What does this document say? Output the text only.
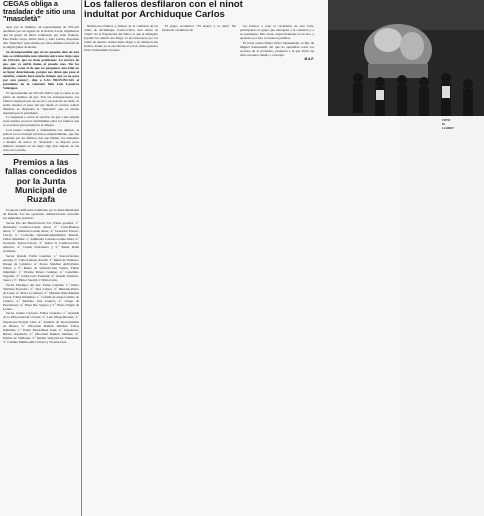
CEGAS obliga a trasladar de sitio una "mascletà"

Ayer por la mañana, un representante de CEGAS auxiliado por un agente de la Policía Local, impidieron que un grupo de fallas compuesto por Joan Xamete, Pere Prieto Goya, Pedro Sisto y Luis Lerma, disparase una "mascletà" patrocinada por ellos mismos ubicada en la amplia plaza de Roma.

Se incomprensible que en los pasados días de este mes se evidenciaba una relación entre una vieja cepa de CEGAS, que no tiene problemas. La tercera de gas, que ya sufrió daños el pasado mes. Sin los despistes, como el de que no pongamos una falla en su lugar determinado, porque nos dicen que pase el autobús, cuando hace mucho tiempo que ya no pasa por este punto", dijo a LAS PROVINCIAS el presidente de la comisión falla Luis Lamarca Velázquez.

El representante de CEGAS indicó que la causa es un punto de bombeo de gas. Tras las averiguaciones, los falleros supieron que de un sol y un poncete en duda, se podía detonar el paso del gas desde el control central mientras se disparaba la "mascletà" que ya estaba montada por el presidente.

La respuesta a cortar el servicio de gas a una amplia zona urbana, provocó muchísimas entre los falleros que se avocaron para presenciar el disparo.

Con buena voluntad y lamentables los ánimos, la policía local aconsejó un nuevo emplazamiento, que fue aceptado por los falleros. Así que mismo, los asistentes a montar de nuevo la "mascletà", se disparó poco minutos después en un lugar algo más alejado de las ocho de la noche.

Premios a las fallas concedidos por la Junta Municipal de Ruzafa

El jurado calificador nombrado por la Junta Municipal de Ruzafa, tras las oportunas deliberaciones concedió los siguientes premios:

Sector Pío del Barrial-Gran Vía. Fallas grandes: 1.º Almirante Cadarso-Conde Altea; 2.º Cuba-Buenos Aires; 3.º Salmerón-Conde Altea; 4.º Grabador Esteve-Ciscar; 5.º Convento Jerusalén-Matemático Marzal. Fallas infantiles: 1.º Almirante Cadarso-Conde Altea; 2.º Grabador Esteve-Ciscar; 3.º Isabel la Católica-Cirilo Amorós; 4.º Conde Salvatierra y 5.º Reina Doña Germana.

Sector Ruzafa: Fallas Grandes: 1.º Sueca-Literato Azorín; 2.º Cuba-Literato Azorín; 3.º Reina de Valencia-Duque de Calabria; 4.º Ponce Sánchez Abril-Pedro Valero y 5.º Reina de Valencia-San Valero. Fallas infantiles: 1.º Vicente Polero Cadarso; 2.º Castellón-Segorbe; 3.º Cádiz-Cura Femenía; 4.º Ronda Valencia-Sueca y 5.º Pintor Sorolla y Vallés-Cuba.

Sector Naranjos del Sol: Fallas Grandes: 1.º Pedro Sánchez-Trovador; 2.º Tres Carlos; 3.º Hurtado-Pedro de Luna; 4.º Plaza Lo Raturo; 5.º Mariano Ruiz-Manuel Ciscar. Fallas Infantiles: 1.º Comité de Altas-Castillo de Cullera; 2.º Mariano José Cuenca; 3.º Grupo de Pescadores; 4.º Plaza Rio Segura y 5.º Plaza Virgen de Loreto.

Sector Cuatre Carreres: Fallas Grandes: 1.º Avenida de la Plata-General Urrutia; 2.º Luis Oliag-Morales; 3.º Zapadores-Vicente Lleó; 4.º Avenida de Sucre-Ramón de Ribera; 5.º Olta-Juan Ramón Jiménez. Fallas infantiles: 1.º Pedro Perez-Buen Juan; 2.º Zapadores-Ribera Izquierda; 3.º Olta-Juan Ramón Jiménez; 4.º Puebla de Vallbona; 5.º Rubén Vela-Doctor Waksman; 5.º Camino Malilla-Isla Cabrera y Vicente Lleó.

Los falleros desfilaron con el ninot indultat por Archiduque Carlos

Numerosos falleros y falleras de la comisión de las calles de Archiduque Carlos-Chiva, han retirar su "ninot" de la Exposición del Ninot, el que el subsiguió popular les indultó del fuego, la procesionaron por las calles de nuestra ciudad hasta llegar a su demarcación festiva, donde ya se encontraba el joven artista ganador Pedro Santaeulalia Soriano.

El grupo escultórico "El abuelo y la nieta" fue mostrado a hombros de

los falleros a todo el vecindario de esta falla, participando el grupo que entregaba a la comisión y a su presidente, Julio Grau, respectivamente es un nos, y apasionó por ésta con nuevos premios.

El joven artista fallero Pedro Santaeulalia, es hijo de Miguel Santaeulalia del que ha aprendido todos los secretos de la profesión, profesión a la que Pedro ha dado un nuevo diseño y concepto.

M.A.F.
FOTO M. LLORET
